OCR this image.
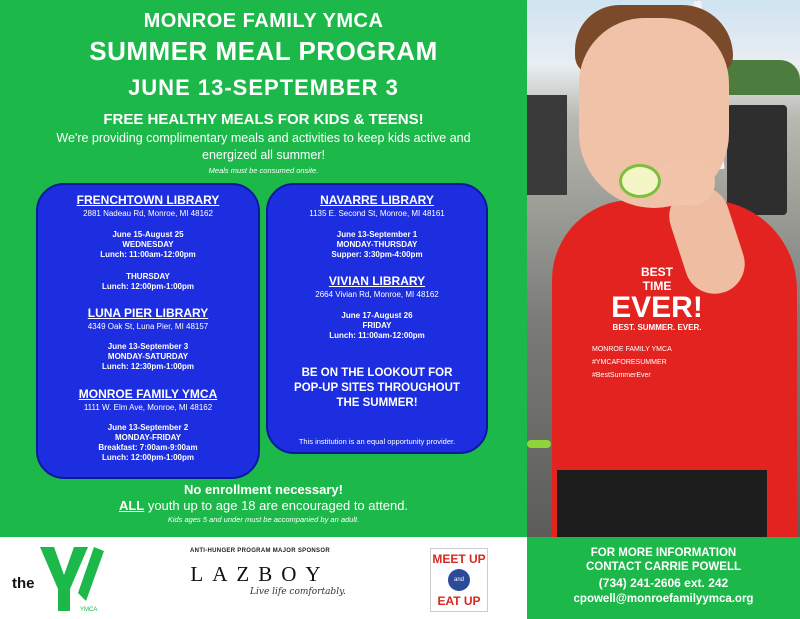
MONROE FAMILY YMCA
SUMMER MEAL PROGRAM
JUNE 13-SEPTEMBER 3
FREE HEALTHY MEALS FOR KIDS & TEENS!
We're providing complimentary meals and activities to keep kids active and energized all summer!
Meals must be consumed onsite.
FRENCHTOWN LIBRARY
2881 Nadeau Rd, Monroe, MI 48162
June 15-August 25
WEDNESDAY
Lunch: 11:00am-12:00pm
THURSDAY
Lunch: 12:00pm-1:00pm
LUNA PIER LIBRARY
4349 Oak St, Luna Pier, MI 48157
June 13-September 3
MONDAY-SATURDAY
Lunch: 12:30pm-1:00pm
MONROE FAMILY YMCA
1111 W. Elm Ave, Monroe, MI 48162
June 13-September 2
MONDAY-FRIDAY
Breakfast: 7:00am-9:00am
Lunch: 12:00pm-1:00pm
NAVARRE LIBRARY
1135 E. Second St, Monroe, MI 48161
June 13-September 1
MONDAY-THURSDAY
Supper: 3:30pm-4:00pm
VIVIAN LIBRARY
2664 Vivian Rd, Monroe, MI 48162
June 17-August 26
FRIDAY
Lunch: 11:00am-12:00pm
BE ON THE LOOKOUT FOR POP-UP SITES THROUGHOUT THE SUMMER!
This institution is an equal opportunity provider.
No enrollment necessary!
ALL youth up to age 18 are encouraged to attend.
Kids ages 5 and under must be accompanied by an adult.
BEST
TIME
EVER!
BEST. SUMMER. EVER.
MONROE FAMILY YMCA
#YMCAFORESUMMER
#BestSummerEver
the
YMCA
ANTI-HUNGER PROGRAM MAJOR SPONSOR
LAZBOY
Live life comfortably.
MEET UP
and
EAT UP
FOR MORE INFORMATION
CONTACT CARRIE POWELL
(734) 241-2606 ext. 242
cpowell@monroefamilyymca.org
